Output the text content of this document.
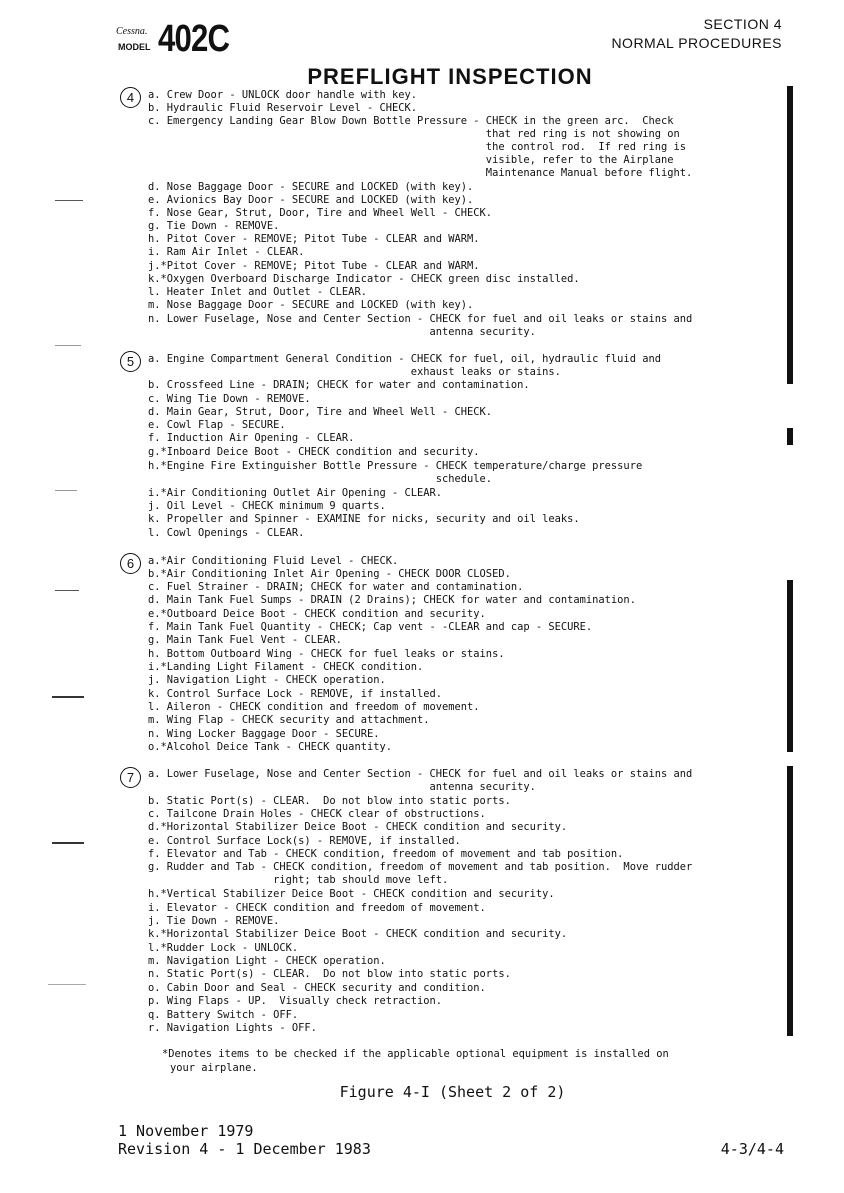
Cessna.
MODEL 402C	SECTION 4
NORMAL PROCEDURES
PREFLIGHT INSPECTION
4	a. Crew Door - UNLOCK door handle with key.
b. Hydraulic Fluid Reservoir Level - CHECK.
c. Emergency Landing Gear Blow Down Bottle Pressure - CHECK in the green arc.  Check
that red ring is not showing on
the control rod.  If red ring is
visible, refer to the Airplane
Maintenance Manual before flight.
d. Nose Baggage Door - SECURE and LOCKED (with key).
e. Avionics Bay Door - SECURE and LOCKED (with key).
f. Nose Gear, Strut, Door, Tire and Wheel Well - CHECK.
g. Tie Down - REMOVE.
h. Pitot Cover - REMOVE; Pitot Tube - CLEAR and WARM.
i. Ram Air Inlet - CLEAR.
j.*Pitot Cover - REMOVE; Pitot Tube - CLEAR and WARM.
k.*Oxygen Overboard Discharge Indicator - CHECK green disc installed.
l. Heater Inlet and Outlet - CLEAR.
m. Nose Baggage Door - SECURE and LOCKED (with key).
n. Lower Fuselage, Nose and Center Section - CHECK for fuel and oil leaks or stains and
antenna security.
5	a. Engine Compartment General Condition - CHECK for fuel, oil, hydraulic fluid and
exhaust leaks or stains.
b. Crossfeed Line - DRAIN; CHECK for water and contamination.
c. Wing Tie Down - REMOVE.
d. Main Gear, Strut, Door, Tire and Wheel Well - CHECK.
e. Cowl Flap - SECURE.
f. Induction Air Opening - CLEAR.
g.*Inboard Deice Boot - CHECK condition and security.
h.*Engine Fire Extinguisher Bottle Pressure - CHECK temperature/charge pressure
schedule.
i.*Air Conditioning Outlet Air Opening - CLEAR.
j. Oil Level - CHECK minimum 9 quarts.
k. Propeller and Spinner - EXAMINE for nicks, security and oil leaks.
l. Cowl Openings - CLEAR.
6	a.*Air Conditioning Fluid Level - CHECK.
b.*Air Conditioning Inlet Air Opening - CHECK DOOR CLOSED.
c. Fuel Strainer - DRAIN; CHECK for water and contamination.
d. Main Tank Fuel Sumps - DRAIN (2 Drains); CHECK for water and contamination.
e.*Outboard Deice Boot - CHECK condition and security.
f. Main Tank Fuel Quantity - CHECK; Cap vent - -CLEAR and cap - SECURE.
g. Main Tank Fuel Vent - CLEAR.
h. Bottom Outboard Wing - CHECK for fuel leaks or stains.
i.*Landing Light Filament - CHECK condition.
j. Navigation Light - CHECK operation.
k. Control Surface Lock - REMOVE, if installed.
l. Aileron - CHECK condition and freedom of movement.
m. Wing Flap - CHECK security and attachment.
n. Wing Locker Baggage Door - SECURE.
o.*Alcohol Deice Tank - CHECK quantity.
7	a. Lower Fuselage, Nose and Center Section - CHECK for fuel and oil leaks or stains and
antenna security.
b. Static Port(s) - CLEAR.  Do not blow into static ports.
c. Tailcone Drain Holes - CHECK clear of obstructions.
d.*Horizontal Stabilizer Deice Boot - CHECK condition and security.
e. Control Surface Lock(s) - REMOVE, if installed.
f. Elevator and Tab - CHECK condition, freedom of movement and tab position.
g. Rudder and Tab - CHECK condition, freedom of movement and tab position.  Move rudder
right; tab should move left.
h.*Vertical Stabilizer Deice Boot - CHECK condition and security.
i. Elevator - CHECK condition and freedom of movement.
j. Tie Down - REMOVE.
k.*Horizontal Stabilizer Deice Boot - CHECK condition and security.
l.*Rudder Lock - UNLOCK.
m. Navigation Light - CHECK operation.
n. Static Port(s) - CLEAR.  Do not blow into static ports.
o. Cabin Door and Seal - CHECK security and condition.
p. Wing Flaps - UP.  Visually check retraction.
q. Battery Switch - OFF.
r. Navigation Lights - OFF.
*Denotes items to be checked if the applicable optional equipment is installed on
your airplane.
Figure 4-I (Sheet 2 of 2)
1 November 1979
Revision 4 - 1 December 1983	4-3/4-4
